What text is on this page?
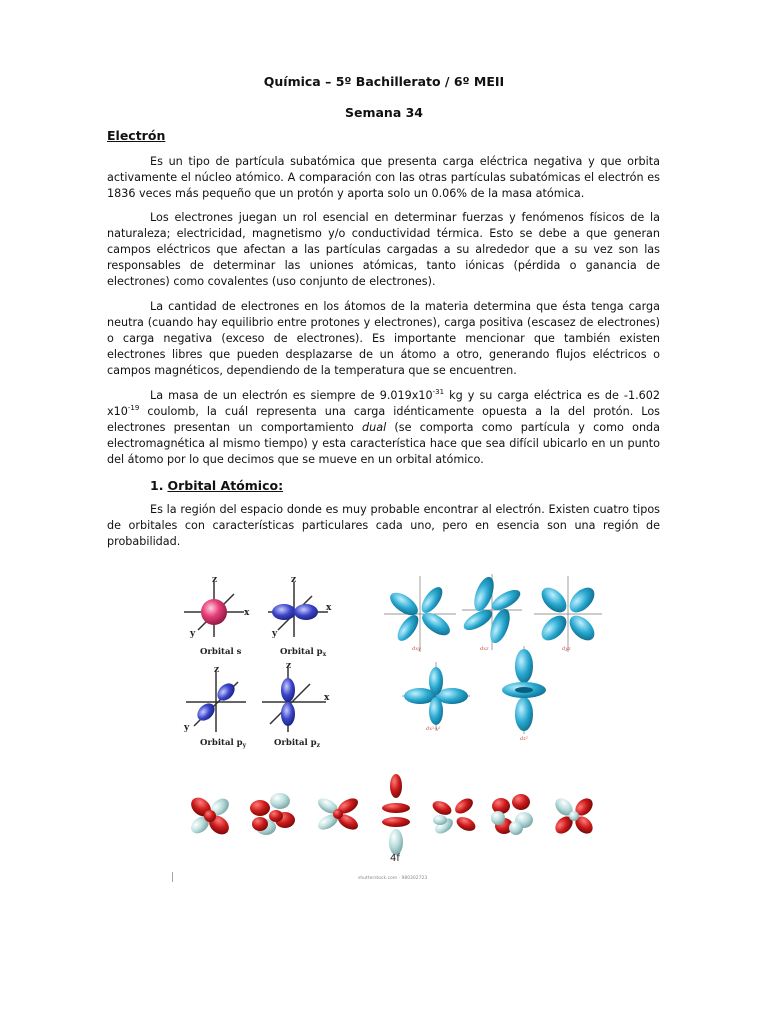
Química – 5º Bachillerato / 6º MEII
Semana 34
Electrón

Es un tipo de partícula subatómica que presenta carga eléctrica negativa y que orbita activamente el núcleo atómico. A comparación con las otras partículas subatómicas el electrón es 1836 veces más pequeño que un protón y aporta solo un 0.06% de la masa atómica.

Los electrones juegan un rol esencial en determinar fuerzas y fenómenos físicos de la naturaleza; electricidad, magnetismo y/o conductividad térmica. Esto se debe a que generan campos eléctricos que afectan a las partículas cargadas a su alrededor que a su vez son las responsables de determinar las uniones atómicas, tanto iónicas (pérdida o ganancia de electrones) como covalentes (uso conjunto de electrones).

La cantidad de electrones en los átomos de la materia determina que ésta tenga carga neutra (cuando hay equilibrio entre protones y electrones), carga positiva (escasez de electrones) o carga negativa (exceso de electrones). Es importante mencionar que también existen electrones libres que pueden desplazarse de un átomo a otro, generando flujos eléctricos o campos magnéticos, dependiendo de la temperatura que se encuentren.

La masa de un electrón es siempre de $9.019x10^{-31}$ kg y su carga eléctrica es de -1.602 $x10^{-19}$ coulomb, la cuál representa una carga idénticamente opuesta a la del protón. Los electrones presentan un comportamiento dual (se comporta como partícula y como onda electromagnética al mismo tiempo) y esta característica hace que sea difícil ubicarlo en un punto del átomo por lo que decimos que se mueve en un orbital atómico.

1. Orbital Atómico:

Es la región del espacio donde es muy probable encontrar al electrón. Existen cuatro tipos de orbitales con características particulares cada uno, pero en esencia son una región de probabilidad.

z
x
y
Orbital s
z
x
y
Orbital $p_x$
z
y
Orbital $p_y$
z
x
Orbital $p_z$
dxy	dxz	dyz
dx²-y²
dz²
4f
shutterstock.com · 980302723
